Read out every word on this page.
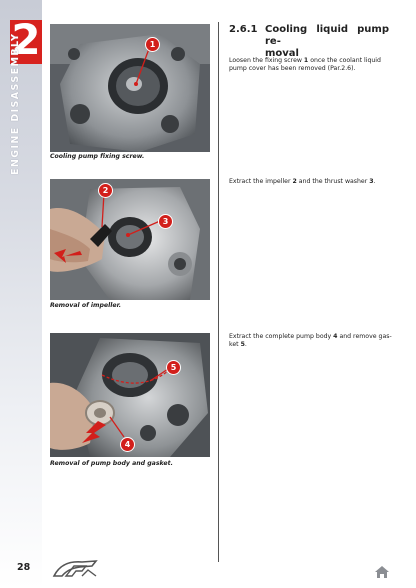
2
ENGINE DISASSEMBLY	1
Cooling pump fixing screw.
2
3
Removal of impeller.
5
4
Removal of pump body and gasket.
2.6.1 Cooling liquid pump re-
moval
Loosen the fixing screw 1 once the coolant liquid pump cover has been removed (Par.2.6).
Extract the impeller 2 and the thrust washer 3.
Extract the complete pump body 4 and remove gas-ket 5.
28
